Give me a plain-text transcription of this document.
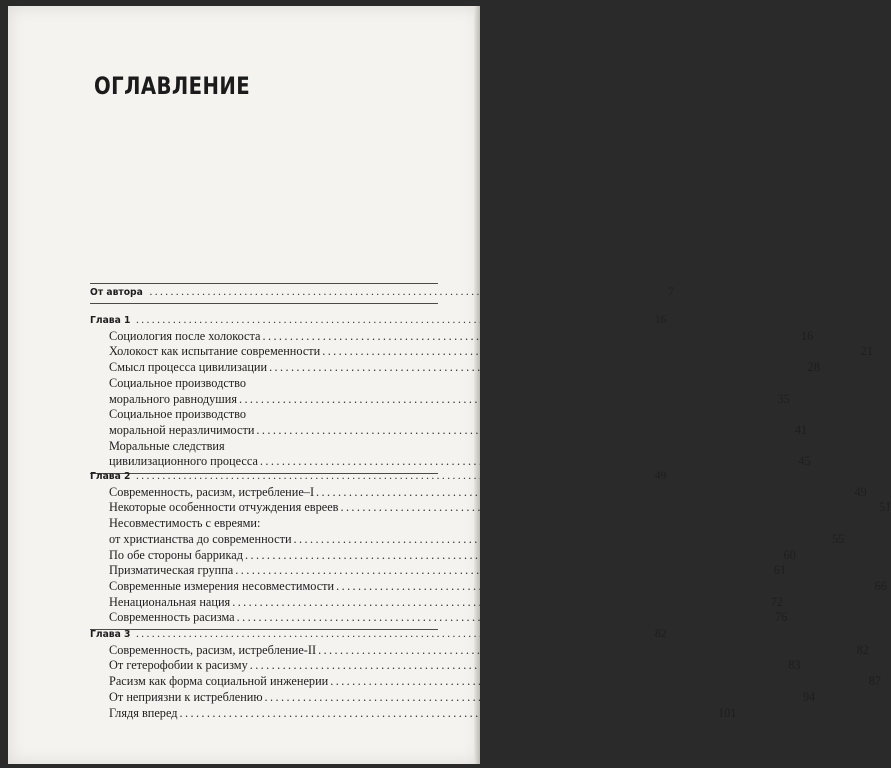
ОГЛАВЛЕНИЕ
От автора .................................................................................................. 7
Глава 1 .................................................................................................. 16
Социология после холокоста .................................................................................................. 16
Холокост как испытание современности .................................................................................................. 21
Смысл процесса цивилизации .................................................................................................. 28
Социальное производство
морального равнодушия .................................................................................................. 35
Социальное производство
моральной неразличимости .................................................................................................. 41
Моральные следствия
цивилизационного процесса .................................................................................................. 45
Глава 2 .................................................................................................. 49
Современность, расизм, истребление–I .................................................................................................. 49
Некоторые особенности отчуждения евреев .................................................................................................. 51
Несовместимость с евреями:
от христианства до современности .................................................................................................. 55
По обе стороны баррикад .................................................................................................. 60
Призматическая группа .................................................................................................. 61
Современные измерения несовместимости .................................................................................................. 66
Ненациональная нация .................................................................................................. 72
Современность расизма .................................................................................................. 76
Глава 3 .................................................................................................. 82
Современность, расизм, истребление-II .................................................................................................. 82
От гетерофобии к расизму .................................................................................................. 83
Расизм как форма социальной инженерии .................................................................................................. 87
От неприязни к истреблению .................................................................................................. 94
Глядя вперед .................................................................................................. 101
